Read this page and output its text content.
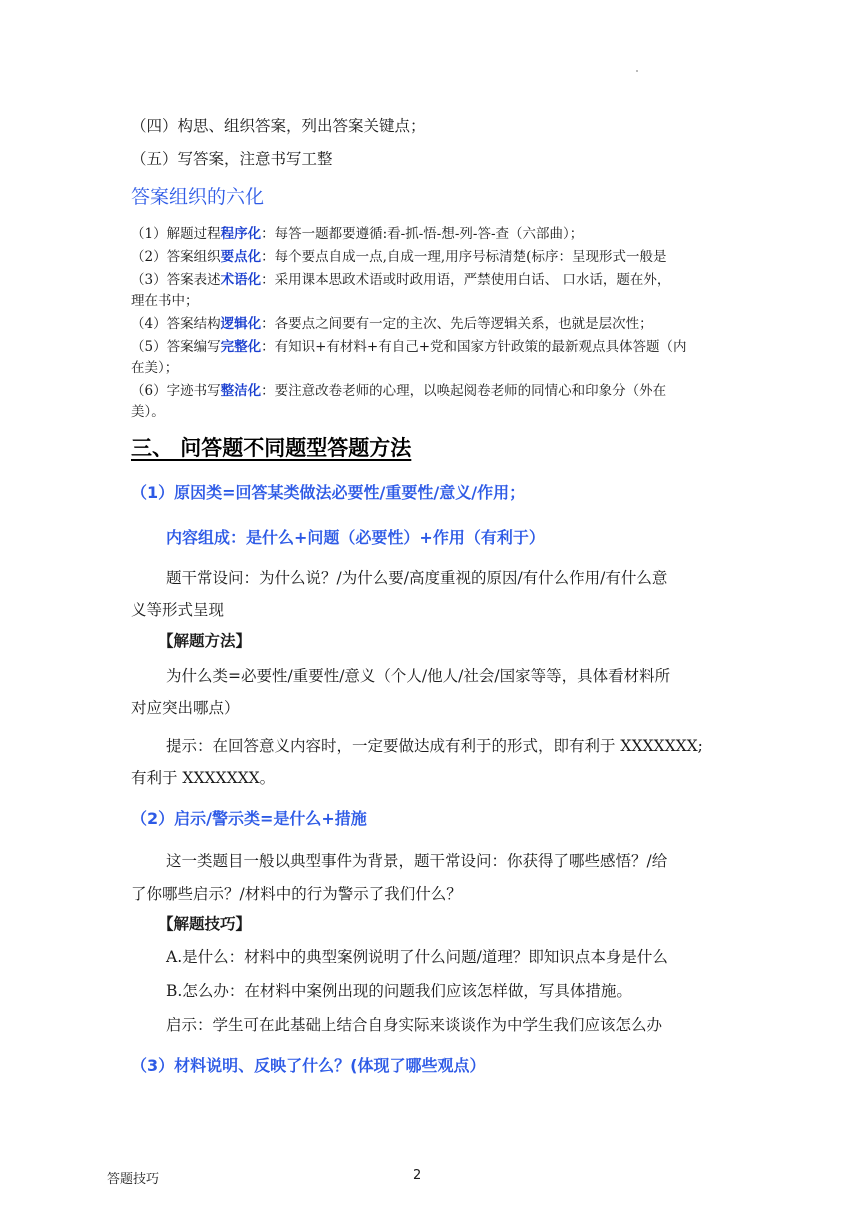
（四）构思、组织答案，列出答案关键点；
（五）写答案，注意书写工整
答案组织的六化
（1）解题过程程序化：每答一题都要遵循:看-抓-悟-想-列-答-查（六部曲）；
（2）答案组织要点化：每个要点自成一点,自成一理,用序号标清楚(标序：呈现形式一般是
（3）答案表述术语化：采用课本思政术语或时政用语，严禁使用白话、 口水话，题在外，
理在书中；
（4）答案结构逻辑化：各要点之间要有一定的主次、先后等逻辑关系，也就是层次性；
（5）答案编写完整化：有知识+有材料+有自己+党和国家方针政策的最新观点具体答题（内
在美）；
（6）字迹书写整洁化：要注意改卷老师的心理，以唤起阅卷老师的同情心和印象分（外在
美）。
三、 问答题不同题型答题方法
（1）原因类=回答某类做法必要性/重要性/意义/作用；
内容组成：是什么+问题（必要性）+作用（有利于）
题干常设问：为什么说？/为什么要/高度重视的原因/有什么作用/有什么意
义等形式呈现
【解题方法】
为什么类=必要性/重要性/意义（个人/他人/社会/国家等等，具体看材料所
对应突出哪点）
提示：在回答意义内容时，一定要做达成有利于的形式，即有利于 XXXXXXX;
有利于 XXXXXXX。
（2）启示/警示类=是什么+措施
这一类题目一般以典型事件为背景，题干常设问：你获得了哪些感悟？/给
了你哪些启示？/材料中的行为警示了我们什么？
【解题技巧】
A.是什么：材料中的典型案例说明了什么问题/道理？即知识点本身是什么
B.怎么办：在材料中案例出现的问题我们应该怎样做，写具体措施。
启示：学生可在此基础上结合自身实际来谈谈作为中学生我们应该怎么办
（3）材料说明、反映了什么？(体现了哪些观点）
答题技巧	2
